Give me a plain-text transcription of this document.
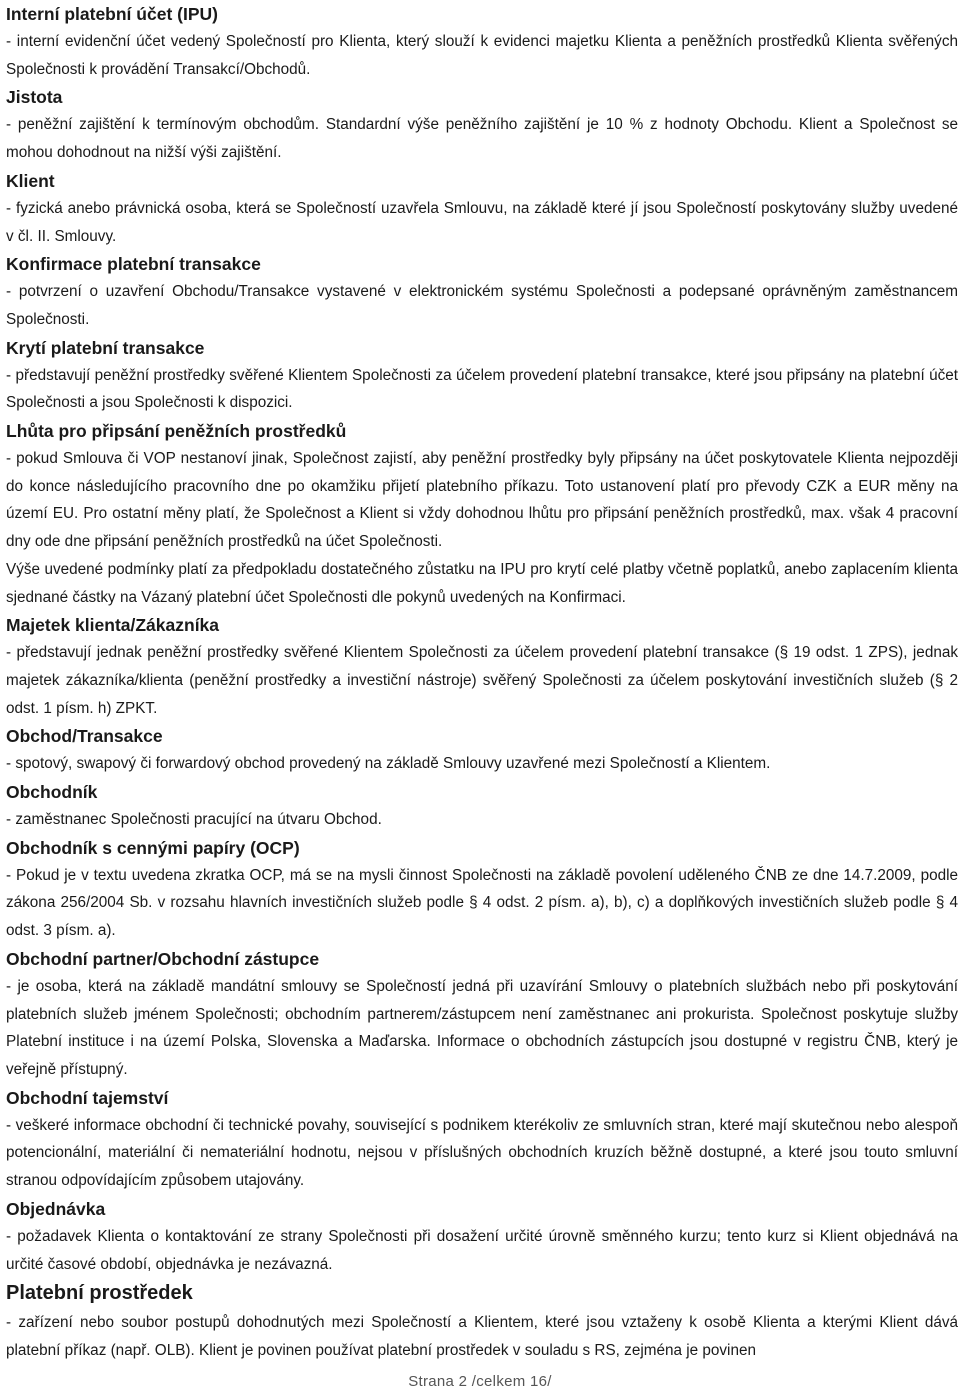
Interní platební účet (IPU)
- interní evidenční účet vedený Společností pro Klienta, který slouží k evidenci majetku Klienta a peněžních prostředků Klienta svěřených Společnosti k provádění Transakcí/Obchodů.
Jistota
- peněžní zajištění k termínovým obchodům. Standardní výše peněžního zajištění je 10 % z hodnoty Obchodu. Klient a Společnost se mohou dohodnout na nižší výši zajištění.
Klient
- fyzická anebo právnická osoba, která se Společností uzavřela Smlouvu, na základě které jí jsou Společností poskytovány služby uvedené v čl. II. Smlouvy.
Konfirmace platební transakce
- potvrzení o uzavření Obchodu/Transakce vystavené v elektronickém systému Společnosti a podepsané oprávněným zaměstnancem Společnosti.
Krytí platební transakce
- představují peněžní prostředky svěřené Klientem Společnosti za účelem provedení platební transakce, které jsou připsány na platební účet Společnosti a jsou Společnosti k dispozici.
Lhůta pro připsání peněžních prostředků
- pokud Smlouva či VOP nestanoví jinak, Společnost zajistí, aby peněžní prostředky byly připsány na účet poskytovatele Klienta nejpozději do konce následujícího pracovního dne po okamžiku přijetí platebního příkazu. Toto ustanovení platí pro převody CZK a EUR měny na území EU. Pro ostatní měny platí, že Společnost a Klient si vždy dohodnou lhůtu pro připsání peněžních prostředků, max. však 4 pracovní dny ode dne připsání peněžních prostředků na účet Společnosti.
Výše uvedené podmínky platí za předpokladu dostatečného zůstatku na IPU pro krytí celé platby včetně poplatků, anebo zaplacením klienta sjednané částky na Vázaný platební účet Společnosti dle pokynů uvedených na Konfirmaci.
Majetek klienta/Zákazníka
- představují jednak peněžní prostředky svěřené Klientem Společnosti za účelem provedení platební transakce (§ 19 odst. 1 ZPS), jednak majetek zákazníka/klienta (peněžní prostředky a investiční nástroje) svěřený Společnosti za účelem poskytování investičních služeb (§ 2 odst. 1 písm. h) ZPKT.
Obchod/Transakce
- spotový, swapový či forwardový obchod provedený na základě Smlouvy uzavřené mezi Společností a Klientem.
Obchodník
- zaměstnanec Společnosti pracující na útvaru Obchod.
Obchodník s cennými papíry (OCP)
- Pokud je v textu uvedena zkratka OCP, má se na mysli činnost Společnosti na základě povolení uděleného ČNB ze dne 14.7.2009, podle zákona 256/2004 Sb. v rozsahu hlavních investičních služeb podle § 4 odst. 2 písm. a), b), c) a doplňkových investičních služeb podle § 4 odst. 3 písm. a).
Obchodní partner/Obchodní zástupce
- je osoba, která na základě mandátní smlouvy se Společností jedná při uzavírání Smlouvy o platebních službách nebo při poskytování platebních služeb jménem Společnosti; obchodním partnerem/zástupcem není zaměstnanec ani prokurista. Společnost poskytuje služby Platební instituce i na území Polska, Slovenska a Maďarska. Informace o obchodních zástupcích jsou dostupné v registru ČNB, který je veřejně přístupný.
Obchodní tajemství
- veškeré informace obchodní či technické povahy, související s podnikem kterékoliv ze smluvních stran, které mají skutečnou nebo alespoň potencionální, materiální či nemateriální hodnotu, nejsou v příslušných obchodních kruzích běžně dostupné, a které jsou touto smluvní stranou odpovídajícím způsobem utajovány.
Objednávka
- požadavek Klienta o kontaktování ze strany Společnosti při dosažení určité úrovně směnného kurzu; tento kurz si Klient objednává na určité časové období, objednávka je nezávazná.
Platební prostředek
- zařízení nebo soubor postupů dohodnutých mezi Společností a Klientem, které jsou vztaženy k osobě Klienta a kterými Klient dává platební příkaz (např. OLB). Klient je povinen používat platební prostředek v souladu s RS, zejména je povinen
Strana 2 /celkem 16/
